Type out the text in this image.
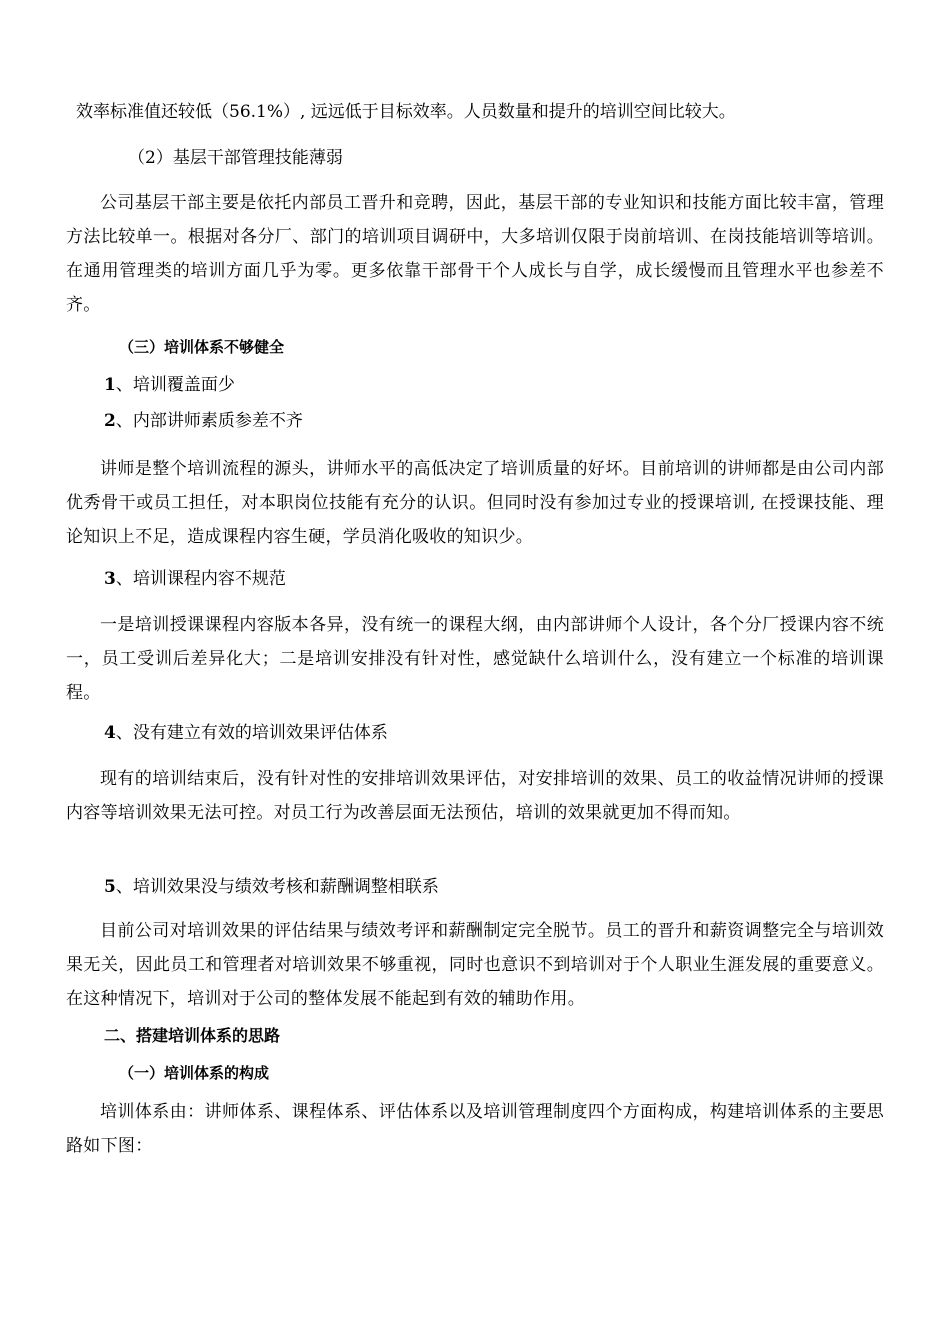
效率标准值还较低（56.1%）, 远远低于目标效率。人员数量和提升的培训空间比较大。
（2）基层干部管理技能薄弱
公司基层干部主要是依托内部员工晋升和竞聘，因此，基层干部的专业知识和技能方面比较丰富，管理方法比较单一。根据对各分厂、部门的培训项目调研中，大多培训仅限于岗前培训、在岗技能培训等培训。在通用管理类的培训方面几乎为零。更多依靠干部骨干个人成长与自学，成长缓慢而且管理水平也参差不齐。
（三）培训体系不够健全
1、培训覆盖面少
2、内部讲师素质参差不齐
讲师是整个培训流程的源头，讲师水平的高低决定了培训质量的好坏。目前培训的讲师都是由公司内部优秀骨干或员工担任，对本职岗位技能有充分的认识。但同时没有参加过专业的授课培训, 在授课技能、理论知识上不足，造成课程内容生硬，学员消化吸收的知识少。
3、培训课程内容不规范
一是培训授课课程内容版本各异，没有统一的课程大纲，由内部讲师个人设计，各个分厂授课内容不统一，员工受训后差异化大；二是培训安排没有针对性，感觉缺什么培训什么，没有建立一个标准的培训课程。
4、没有建立有效的培训效果评估体系
现有的培训结束后，没有针对性的安排培训效果评估，对安排培训的效果、员工的收益情况讲师的授课内容等培训效果无法可控。对员工行为改善层面无法预估，培训的效果就更加不得而知。
5、培训效果没与绩效考核和薪酬调整相联系
目前公司对培训效果的评估结果与绩效考评和薪酬制定完全脱节。员工的晋升和薪资调整完全与培训效果无关，因此员工和管理者对培训效果不够重视，同时也意识不到培训对于个人职业生涯发展的重要意义。在这种情况下，培训对于公司的整体发展不能起到有效的辅助作用。
二、搭建培训体系的思路
（一）培训体系的构成
培训体系由：讲师体系、课程体系、评估体系以及培训管理制度四个方面构成，构建培训体系的主要思路如下图：
